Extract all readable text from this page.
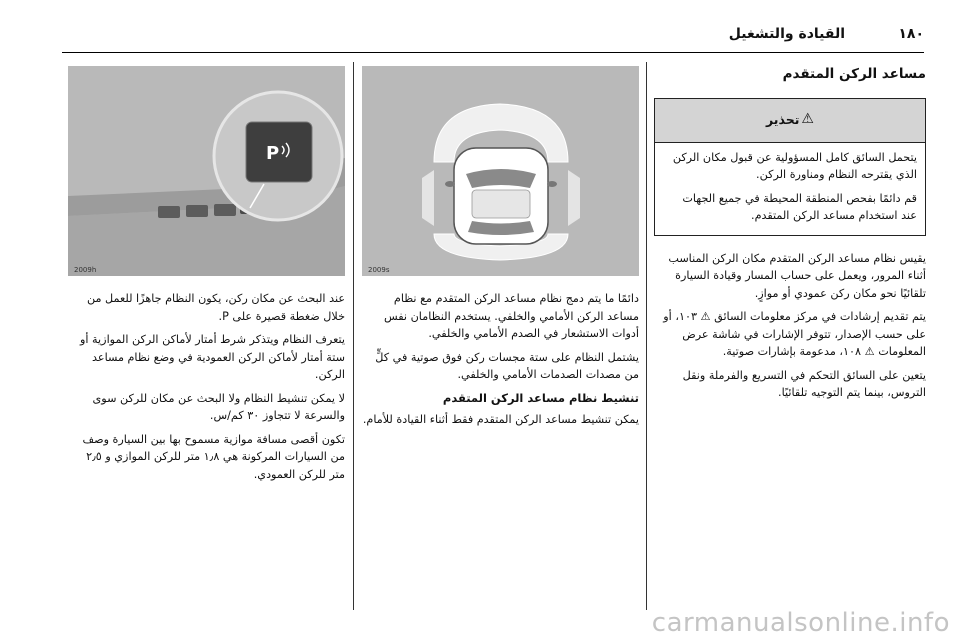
القيادة والتشغيل	١٨٠
مساعد الركن المتقدم
⚠
تحذير

يتحمل السائق كامل المسؤولية عن قبول مكان الركن الذي يقترحه النظام ومناورة الركن.

قم دائمًا بفحص المنطقة المحيطة في جميع الجهات عند استخدام مساعد الركن المتقدم.

يقيس نظام مساعد الركن المتقدم مكان الركن المناسب أثناء المرور، ويعمل على حساب المسار وقيادة السيارة تلقائيًا نحو مكان ركن عمودي أو موازٍ.

يتم تقديم إرشادات في مركز معلومات السائق ⚠ ١٠٣، أو على حسب الإصدار، تتوفر الإشارات في شاشة عرض المعلومات ⚠ ١٠٨، مدعومة بإشارات صوتية.

يتعين على السائق التحكم في التسريع والفرملة ونقل التروس، بينما يتم التوجيه تلقائيًا.

2009s

دائمًا ما يتم دمج نظام مساعد الركن المتقدم مع نظام مساعد الركن الأمامي والخلفي. يستخدم النظامان نفس أدوات الاستشعار في الصدم الأمامي والخلفي.

يشتمل النظام على ستة مجسات ركن فوق صوتية في كلٍّ من مصدات الصدمات الأمامي والخلفي.

تنشيط نظام مساعد الركن المتقدم

يمكن تنشيط مساعد الركن المتقدم فقط أثناء القيادة للأمام.

P
2009h

عند البحث عن مكان ركن، يكون النظام جاهزًا للعمل من خلال ضغطة قصيرة على P.

يتعرف النظام ويتذكر شرط أمتار لأماكن الركن الموازية أو ستة أمتار لأماكن الركن العمودية في وضع نظام مساعد الركن.

لا يمكن تنشيط النظام ولا البحث عن مكان للركن سوى والسرعة لا تتجاوز ٣٠ كم/س.

تكون أقصى مسافة موازية مسموح بها بين السيارة وصف من السيارات المركونة هي ١٫٨ متر للركن الموازي و ٢٫٥ متر للركن العمودي.

carmanualsonline.info
